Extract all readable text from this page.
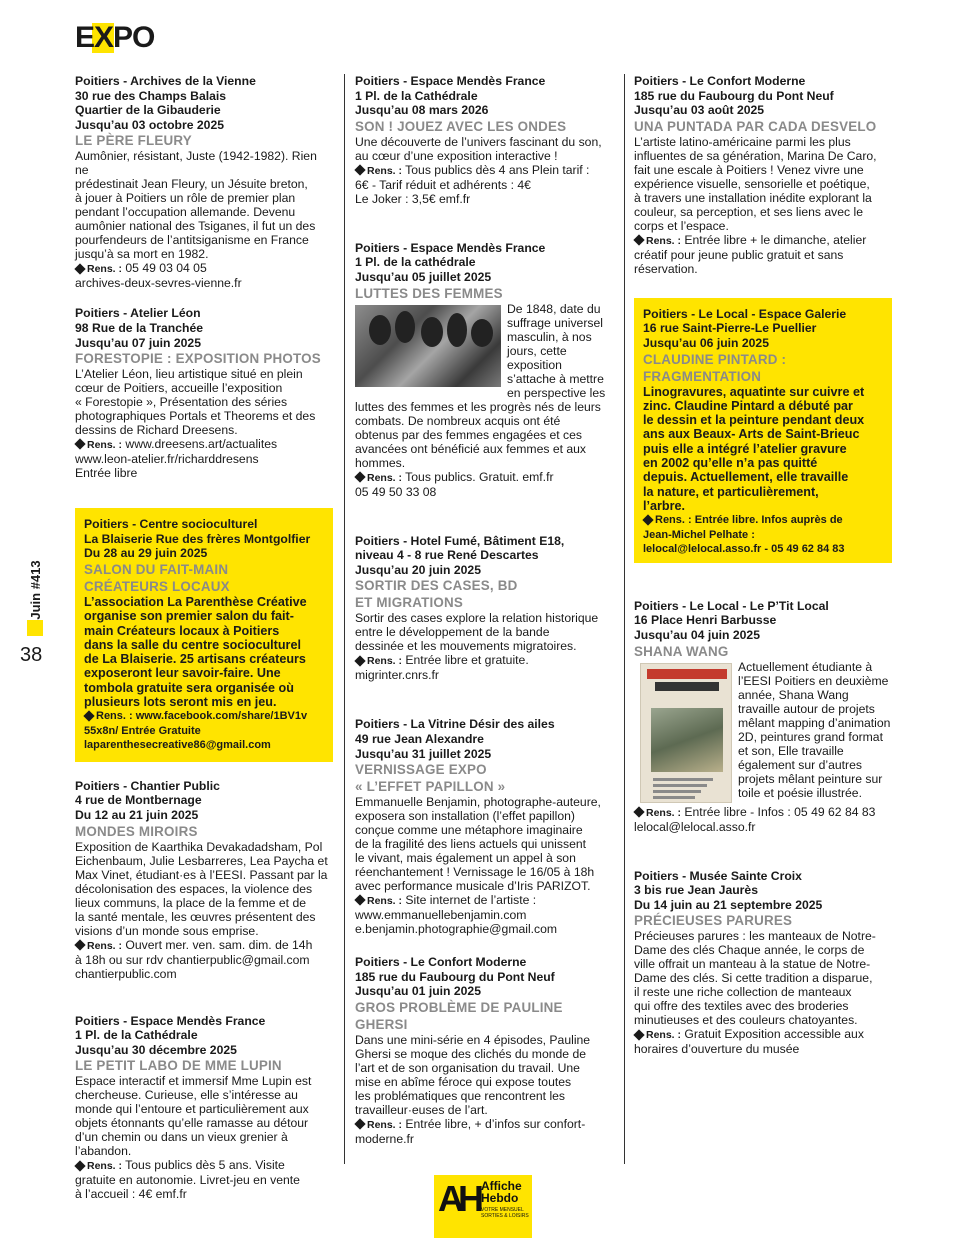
E
XPO
Juin #413
38
Poitiers - Archives de la Vienne
30 rue des Champs Balais
Quartier de la Gibauderie
Jusqu’au 03 octobre 2025
LE PÈRE FLEURY
Aumônier, résistant, Juste (1942-1982). Rien ne
prédestinait Jean Fleury, un Jésuite breton,
à jouer à Poitiers un rôle de premier plan
pendant l’occupation allemande. Devenu
aumônier national des Tsiganes, il fut un des
pourfendeurs de l’antitsiganisme en France
jusqu’à sa mort en 1982.
Rens. : 05 49 03 04 05
archives-deux-sevres-vienne.fr
Poitiers - Atelier Léon
98 Rue de la Tranchée
Jusqu’au 07 juin 2025
FORESTOPIE : EXPOSITION PHOTOS
L’Atelier Léon, lieu artistique situé en plein
cœur de Poitiers, accueille l’exposition
« Forestopie », Présentation des séries
photographiques Portals et Theorems et des
dessins de Richard Dreesens.
Rens. : www.dreesens.art/actualites
www.leon-atelier.fr/richarddresens
Entrée libre
Poitiers - Centre socioculturel
La Blaiserie Rue des frères Montgolfier
Du 28 au 29 juin 2025
SALON DU FAIT-MAIN
CRÉATEURS LOCAUX
L’association La Parenthèse Créative
organise son premier salon du fait-
main Créateurs locaux à Poitiers
dans la salle du centre socioculturel
de La Blaiserie. 25 artisans créateurs
exposeront leur savoir-faire. Une
tombola gratuite sera organisée où
plusieurs lots seront mis en jeu.
Rens. : www.facebook.com/share/1BV1v
55x8n/ Entrée Gratuite
laparenthesecreative86@gmail.com
Poitiers - Chantier Public
4 rue de Montbernage
Du 12 au 21 juin 2025
MONDES MIROIRS
Exposition de Kaarthika Devakadadsham, Pol
Eichenbaum, Julie Lesbarreres, Lea Paycha et
Max Vinet, étudiant·es à l’EESI. Passant par la
décolonisation des espaces, la violence des
lieux communs, la place de la femme et de
la santé mentale, les œuvres présentent des
visions d’un monde sous emprise.
Rens. : Ouvert mer. ven. sam. dim. de 14h
à 18h ou sur rdv chantierpublic@gmail.com
chantierpublic.com
Poitiers - Espace Mendès France
1 Pl. de la Cathédrale
Jusqu’au 30 décembre 2025
LE PETIT LABO DE MME LUPIN
Espace interactif et immersif Mme Lupin est
chercheuse. Curieuse, elle s’intéresse au
monde qui l’entoure et particulièrement aux
objets étonnants qu’elle ramasse au détour
d’un chemin ou dans un vieux grenier à
l’abandon.
Rens. : Tous publics dès 5 ans. Visite
gratuite en autonomie. Livret-jeu en vente
à l’accueil : 4€ emf.fr
Poitiers - Espace Mendès France
1 Pl. de la Cathédrale
Jusqu’au 08 mars 2026
SON ! JOUEZ AVEC LES ONDES
Une découverte de l’univers fascinant du son,
au cœur d’une exposition interactive !
Rens. : Tous publics dès 4 ans Plein tarif :
6€ - Tarif réduit et adhérents : 4€
Le Joker : 3,5€ emf.fr
Poitiers - Espace Mendès France
1 Pl. de la cathédrale
Jusqu’au 05 juillet 2025
LUTTES DES FEMMES
De 1848, date du
suffrage universel
masculin, à nos
jours, cette
exposition
s’attache à mettre
en perspective les
luttes des femmes et les progrès nés de leurs
combats. De nombreux acquis ont été
obtenus par des femmes engagées et ces
avancées ont bénéficié aux femmes et aux
hommes.
Rens. : Tous publics. Gratuit. emf.fr
05 49 50 33 08
Poitiers - Hotel Fumé, Bâtiment E18,
niveau 4 - 8 rue René Descartes
Jusqu’au 20 juin 2025
SORTIR DES CASES, BD
ET MIGRATIONS
Sortir des cases explore la relation historique
entre le développement de la bande
dessinée et les mouvements migratoires.
Rens. : Entrée libre et gratuite.
migrinter.cnrs.fr
Poitiers - La Vitrine Désir des ailes
49 rue Jean Alexandre
Jusqu’au 31 juillet 2025
VERNISSAGE EXPO
« L’EFFET PAPILLON »
Emmanuelle Benjamin, photographe-auteure,
exposera son installation (l’effet papillon)
conçue comme une métaphore imaginaire
de la fragilité des liens actuels qui unissent
le vivant, mais également un appel à son
réenchantement ! Vernissage le 16/05 à 18h
avec performance musicale d’Iris PARIZOT.
Rens. : Site internet de l’artiste :
www.emmanuellebenjamin.com
e.benjamin.photographie@gmail.com
Poitiers - Le Confort Moderne
185 rue du Faubourg du Pont Neuf
Jusqu’au 01 juin 2025
GROS PROBLÈME DE PAULINE GHERSI
Dans une mini-série en 4 épisodes, Pauline
Ghersi se moque des clichés du monde de
l’art et de son organisation du travail. Une
mise en abîme féroce qui expose toutes
les problématiques que rencontrent les
travailleur·euses de l’art.
Rens. : Entrée libre, + d’infos sur confort-
moderne.fr
Poitiers - Le Confort Moderne
185 rue du Faubourg du Pont Neuf
Jusqu’au 03 août 2025
UNA PUNTADA PAR CADA DESVELO
L’artiste latino-américaine parmi les plus
influentes de sa génération, Marina De Caro,
fait une escale à Poitiers ! Venez vivre une
expérience visuelle, sensorielle et poétique,
à travers une installation inédite explorant la
couleur, sa perception, et ses liens avec le
corps et l’espace.
Rens. : Entrée libre + le dimanche, atelier
créatif pour jeune public gratuit et sans
réservation.
Poitiers - Le Local - Espace Galerie
16 rue Saint-Pierre-Le Puellier
Jusqu’au 06 juin 2025
CLAUDINE PINTARD :
FRAGMENTATION
Linogravures, aquatinte sur cuivre et
zinc. Claudine Pintard a débuté par
le dessin et la peinture pendant deux
ans aux Beaux- Arts de Saint-Brieuc
puis elle a intégré l’atelier gravure
en 2002 qu’elle n’a pas quitté
depuis. Actuellement, elle travaille
la nature, et particulièrement,
l’arbre.
Rens. : Entrée libre. Infos auprès de
Jean-Michel Pelhate :
lelocal@lelocal.asso.fr - 05 49 62 84 83
Poitiers - Le Local - Le P’Tit Local
16 Place Henri Barbusse
Jusqu’au 04 juin 2025
SHANA WANG
Actuellement étudiante à
l’EESI Poitiers en deuxième
année, Shana Wang
travaille autour de projets
mêlant mapping d’animation
2D, peintures grand format
et son, Elle travaille
également sur d’autres
projets mêlant peinture sur
toile et poésie illustrée.
Rens. : Entrée libre - Infos : 05 49 62 84 83
lelocal@lelocal.asso.fr
Poitiers - Musée Sainte Croix
3 bis rue Jean Jaurès
Du 14 juin au 21 septembre 2025
PRÉCIEUSES PARURES
Précieuses parures : les manteaux de Notre-
Dame des clés Chaque année, le corps de
ville offrait un manteau à la statue de Notre-
Dame des clés. Si cette tradition a disparue,
il reste une riche collection de manteaux
qui offre des textiles avec des broderies
minutieuses et des couleurs chatoyantes.
Rens. : Gratuit Exposition accessible aux
horaires d’ouverture du musée
AH Affiche
Hebdo
VOTRE MENSUEL SORTIES & LOISIRS
